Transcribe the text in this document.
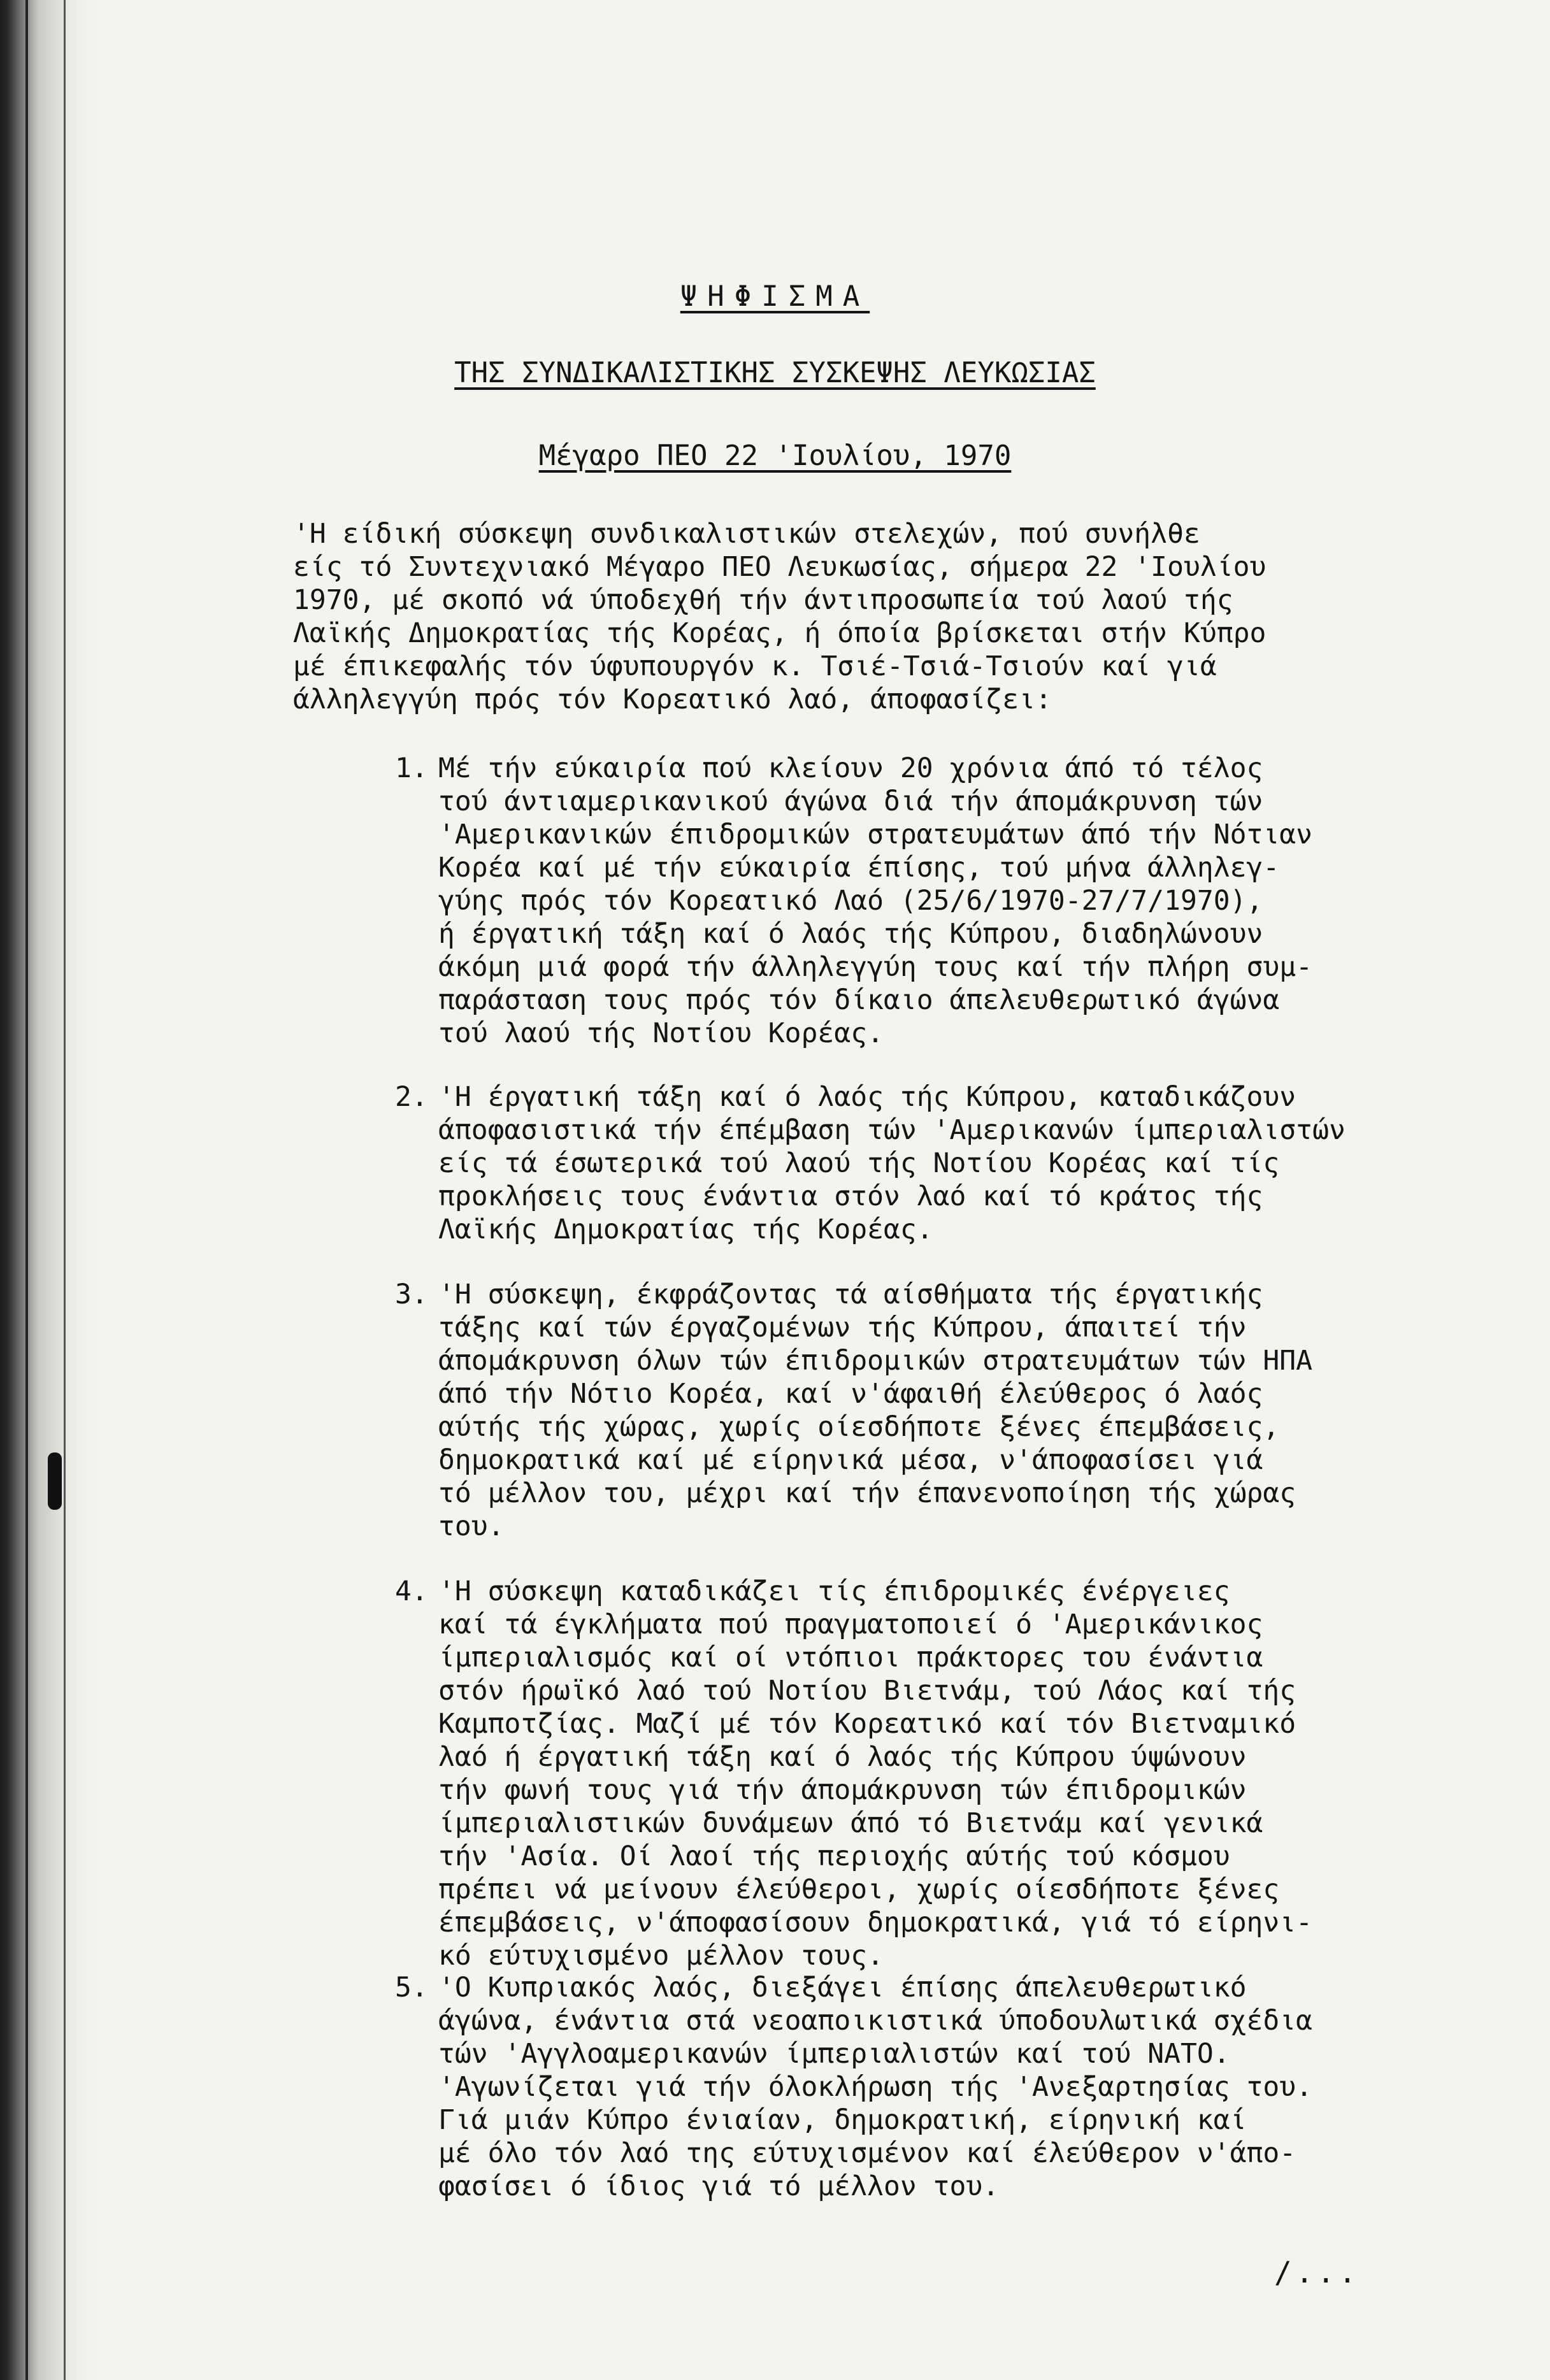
ΨΗΦΙΣΜΑ
ΤΗΣ ΣΥΝΔΙΚΑΛΙΣΤΙΚΗΣ ΣΥΣΚΕΨΗΣ ΛΕΥΚΩΣΙΑΣ
Μέγαρο ΠΕΟ 22 'Ιουλίου, 1970

'Η είδική σύσκεψη συνδικαλιστικών στελεχών, πού συνήλθε
είς τό Συντεχνιακό Μέγαρο ΠΕΟ Λευκωσίας, σήμερα 22 'Ιουλίου
1970, μέ σκοπό νά ύποδεχθή τήν άντιπροσωπεία τού λαού τής
Λαϊκής Δημοκρατίας τής Κορέας, ή όποία βρίσκεται στήν Κύπρο
μέ έπικεφαλής τόν ύφυπουργόν κ. Τσιέ-Τσιά-Τσιούν καί γιά
άλληλεγγύη πρός τόν Κορεατικό λαό, άποφασίζει:

1. Μέ τήν εύκαιρία πού κλείουν 20 χρόνια άπό τό τέλος
τού άντιαμερικανικού άγώνα διά τήν άπομάκρυνση τών
'Αμερικανικών έπιδρομικών στρατευμάτων άπό τήν Νότιαν
Κορέα καί μέ τήν εύκαιρία έπίσης, τού μήνα άλληλεγ-
γύης πρός τόν Κορεατικό Λαό (25/6/1970-27/7/1970),
ή έργατική τάξη καί ό λαός τής Κύπρου, διαδηλώνουν
άκόμη μιά φορά τήν άλληλεγγύη τους καί τήν πλήρη συμ-
παράσταση τους πρός τόν δίκαιο άπελευθερωτικό άγώνα
τού λαού τής Νοτίου Κορέας.

2. 'Η έργατική τάξη καί ό λαός τής Κύπρου, καταδικάζουν
άποφασιστικά τήν έπέμβαση τών 'Αμερικανών ίμπεριαλιστών
είς τά έσωτερικά τού λαού τής Νοτίου Κορέας καί τίς
προκλήσεις τους ένάντια στόν λαό καί τό κράτος τής
Λαϊκής Δημοκρατίας τής Κορέας.

3. 'Η σύσκεψη, έκφράζοντας τά αίσθήματα τής έργατικής
τάξης καί τών έργαζομένων τής Κύπρου, άπαιτεί τήν
άπομάκρυνση όλων τών έπιδρομικών στρατευμάτων τών ΗΠΑ
άπό τήν Νότιο Κορέα, καί ν'άφαιθή έλεύθερος ό λαός
αύτής τής χώρας, χωρίς οίεσδήποτε ξένες έπεμβάσεις,
δημοκρατικά καί μέ είρηνικά μέσα, ν'άποφασίσει γιά
τό μέλλον του, μέχρι καί τήν έπανενοποίηση τής χώρας
του.

4. 'Η σύσκεψη καταδικάζει τίς έπιδρομικές ένέργειες
καί τά έγκλήματα πού πραγματοποιεί ό 'Αμερικάνικος
ίμπεριαλισμός καί οί ντόπιοι πράκτορες του ένάντια
στόν ήρωϊκό λαό τού Νοτίου Βιετνάμ, τού Λάος καί τής
Καμποτζίας. Μαζί μέ τόν Κορεατικό καί τόν Βιετναμικό
λαό ή έργατική τάξη καί ό λαός τής Κύπρου ύψώνουν
τήν φωνή τους γιά τήν άπομάκρυνση τών έπιδρομικών
ίμπεριαλιστικών δυνάμεων άπό τό Βιετνάμ καί γενικά
τήν 'Ασία. Οί λαοί τής περιοχής αύτής τού κόσμου
πρέπει νά μείνουν έλεύθεροι, χωρίς οίεσδήποτε ξένες
έπεμβάσεις, ν'άποφασίσουν δημοκρατικά, γιά τό είρηνι-
κό εύτυχισμένο μέλλον τους.

5. 'Ο Κυπριακός λαός, διεξάγει έπίσης άπελευθερωτικό
άγώνα, ένάντια στά νεοαποικιστικά ύποδουλωτικά σχέδια
τών 'Αγγλοαμερικανών ίμπεριαλιστών καί τού ΝΑΤΟ.
'Αγωνίζεται γιά τήν όλοκλήρωση τής 'Ανεξαρτησίας του.
Γιά μιάν Κύπρο ένιαίαν, δημοκρατική, είρηνική καί
μέ όλο τόν λαό της εύτυχισμένον καί έλεύθερον ν'άπο-
φασίσει ό ίδιος γιά τό μέλλον του.

/...
